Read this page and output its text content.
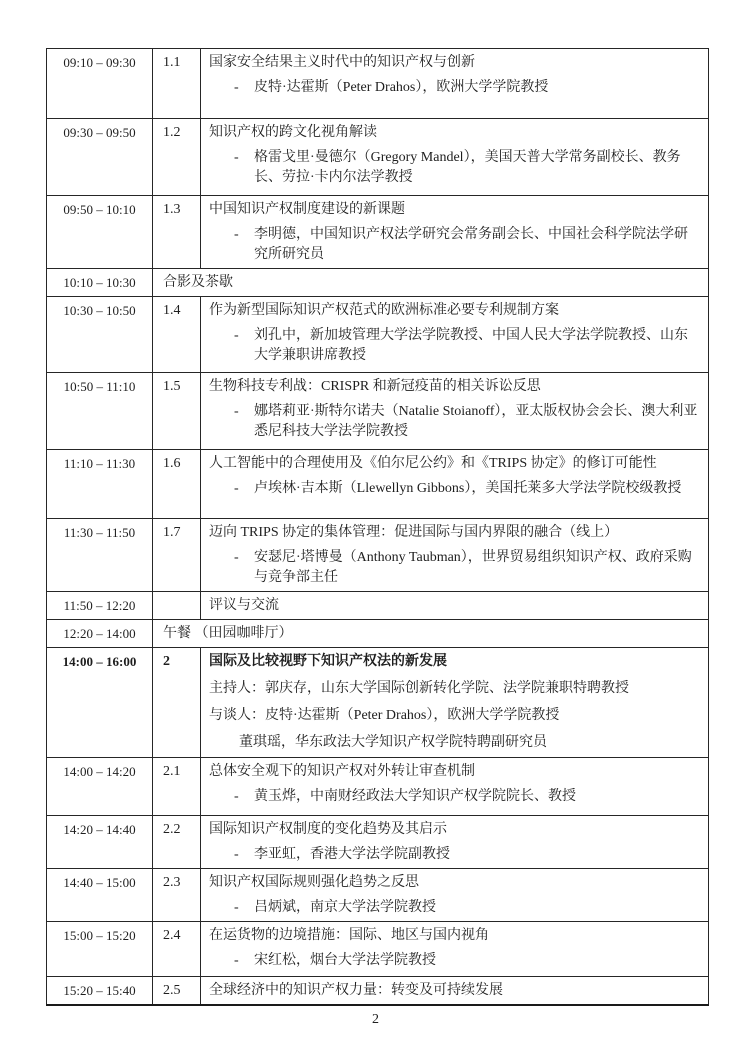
09:10 – 09:30	1.1	国家安全结果主义时代中的知识产权与创新
- 皮特·达霍斯（Peter Drahos），欧洲大学学院教授

09:30 – 09:50	1.2	知识产权的跨文化视角解读
- 格雷戈里·曼德尔（Gregory Mandel），美国天普大学常务副校长、教务长、劳拉·卡内尔法学教授

09:50 – 10:10	1.3	中国知识产权制度建设的新课题
- 李明德，中国知识产权法学研究会常务副会长、中国社会科学院法学研究所研究员

10:10 – 10:30	合影及茶歇	
10:30 – 10:50	1.4	作为新型国际知识产权范式的欧洲标准必要专利规制方案
- 刘孔中，新加坡管理大学法学院教授、中国人民大学法学院教授、山东大学兼职讲席教授

10:50 – 11:10	1.5	生物科技专利战：CRISPR 和新冠疫苗的相关诉讼反思
- 娜塔莉亚·斯特尔诺夫（Natalie Stoianoff），亚太版权协会会长、澳大利亚悉尼科技大学法学院教授

11:10 – 11:30	1.6	人工智能中的合理使用及《伯尔尼公约》和《TRIPS 协定》的修订可能性
- 卢埃林·吉本斯（Llewellyn Gibbons），美国托莱多大学法学院校级教授

11:30 – 11:50	1.7	迈向 TRIPS 协定的集体管理：促进国际与国内界限的融合（线上）
- 安瑟尼·塔博曼（Anthony Taubman），世界贸易组织知识产权、政府采购与竞争部主任

11:50 – 12:20		评议与交流

12:20 – 14:00	午餐 （田园咖啡厅）	
14:00 – 16:00	2	国际及比较视野下知识产权法的新发展
主持人：郭庆存，山东大学国际创新转化学院、法学院兼职特聘教授
与谈人：皮特·达霍斯（Peter Drahos），欧洲大学学院教授
董琪瑶，华东政法大学知识产权学院特聘副研究员

14:00 – 14:20	2.1	总体安全观下的知识产权对外转让审查机制
- 黄玉烨，中南财经政法大学知识产权学院院长、教授

14:20 – 14:40	2.2	国际知识产权制度的变化趋势及其启示
- 李亚虹，香港大学法学院副教授

14:40 – 15:00	2.3	知识产权国际规则强化趋势之反思
- 吕炳斌，南京大学法学院教授

15:00 – 15:20	2.4	在运货物的边境措施：国际、地区与国内视角
- 宋红松，烟台大学法学院教授

15:20 – 15:40	2.5	全球经济中的知识产权力量：转变及可持续发展
2
